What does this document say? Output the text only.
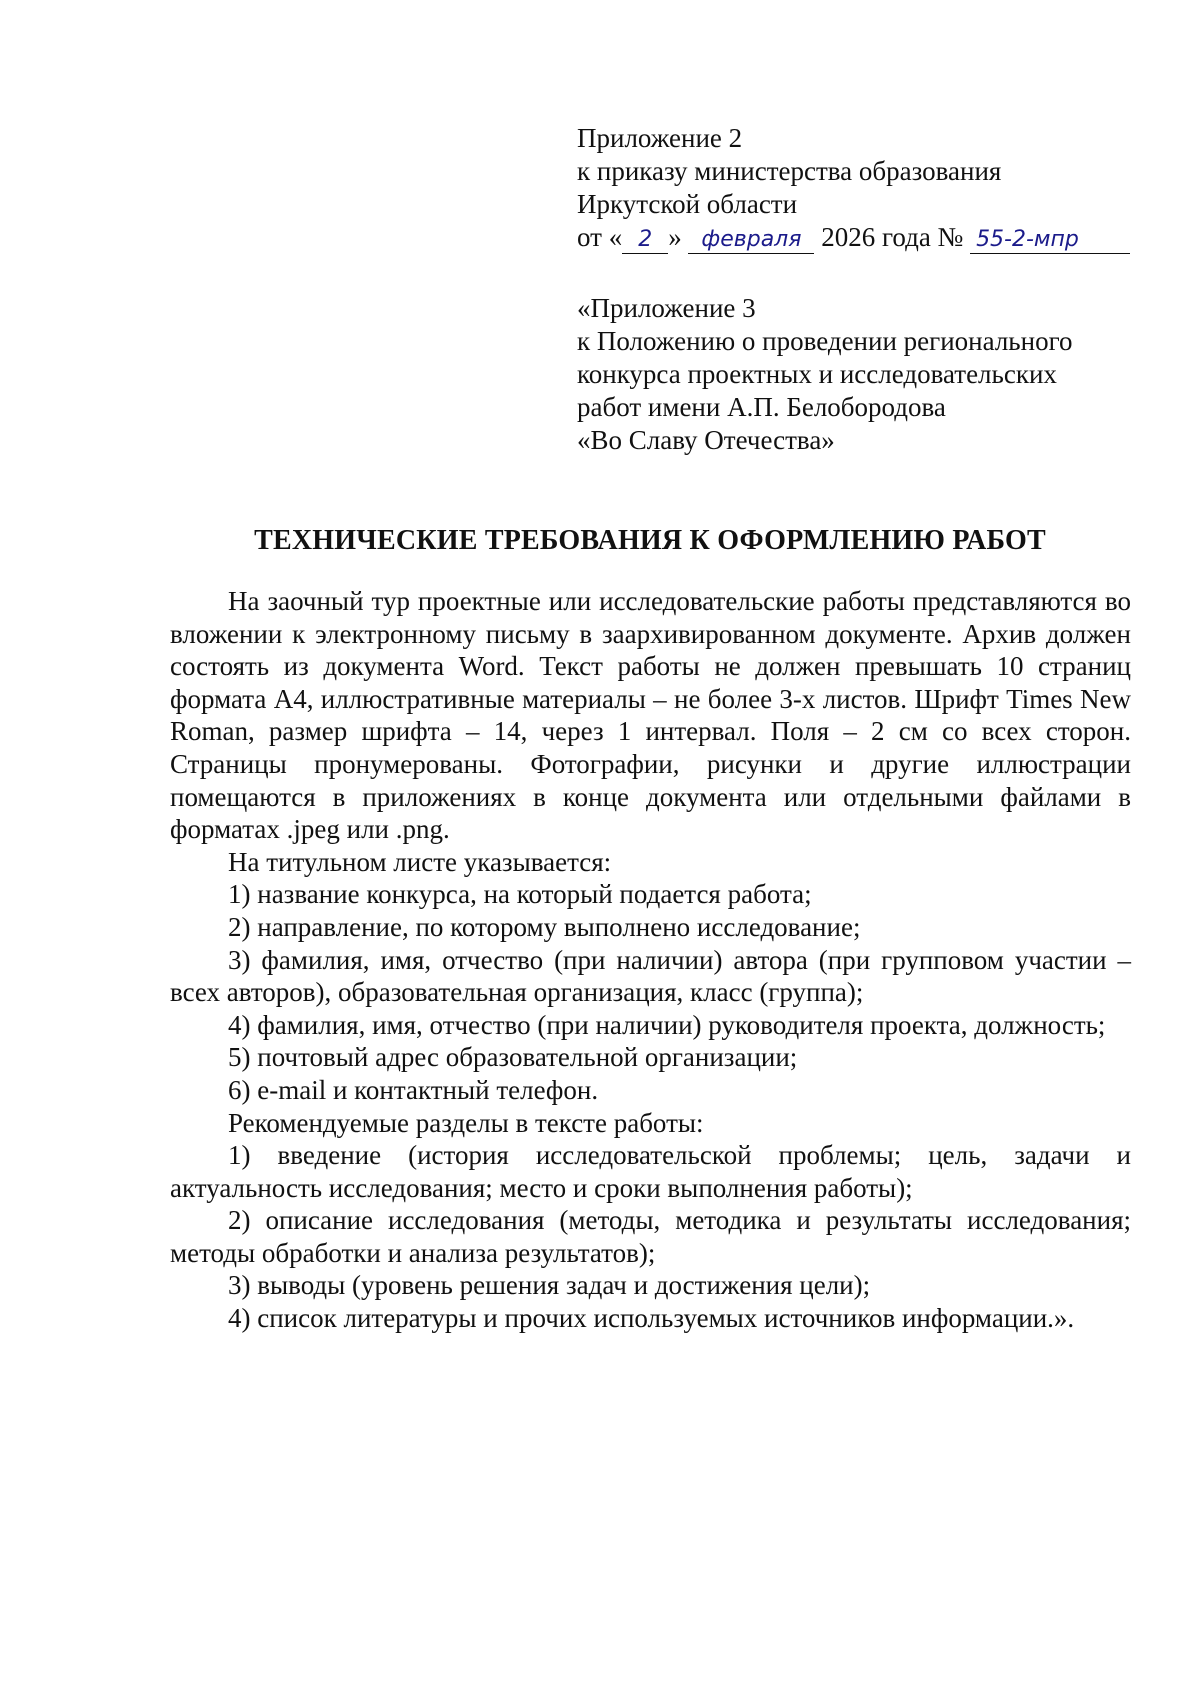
Приложение 2
к приказу министерства образования
Иркутской области
от « 2 » февраля 2026 года № 55-2-мпр
«Приложение 3
к Положению о проведении регионального
конкурса проектных и исследовательских
работ имени А.П. Белобородова
«Во Славу Отечества»
ТЕХНИЧЕСКИЕ ТРЕБОВАНИЯ К ОФОРМЛЕНИЮ РАБОТ

На заочный тур проектные или исследовательские работы представляются во вложении к электронному письму в заархивированном документе. Архив должен состоять из документа Word. Текст работы не должен превышать 10 страниц формата А4, иллюстративные материалы – не более 3-х листов. Шрифт Times New Roman, размер шрифта – 14, через 1 интервал. Поля – 2 см со всех сторон. Страницы пронумерованы. Фотографии, рисунки и другие иллюстрации помещаются в приложениях в конце документа или отдельными файлами в форматах .jpeg или .png.

На титульном листе указывается:

1) название конкурса, на который подается работа;

2) направление, по которому выполнено исследование;

3) фамилия, имя, отчество (при наличии) автора (при групповом участии – всех авторов), образовательная организация, класс (группа);

4) фамилия, имя, отчество (при наличии) руководителя проекта, должность;

5) почтовый адрес образовательной организации;

6) e-mail и контактный телефон.

Рекомендуемые разделы в тексте работы:

1) введение (история исследовательской проблемы; цель, задачи и актуальность исследования; место и сроки выполнения работы);

2) описание исследования (методы, методика и результаты исследования; методы обработки и анализа результатов);

3) выводы (уровень решения задач и достижения цели);

4) список литературы и прочих используемых источников информации.».
